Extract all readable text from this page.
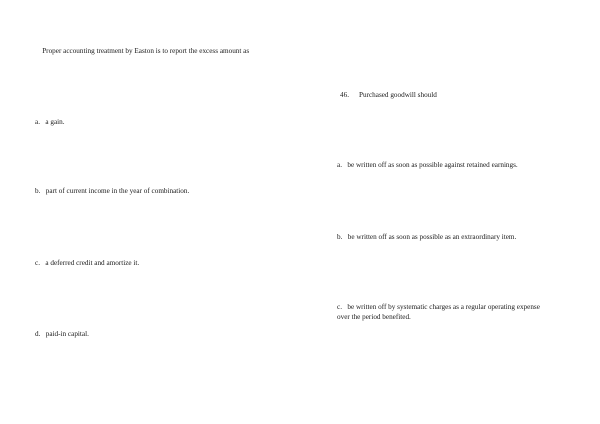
Proper accounting treatment by Easton is to report the excess amount as

a. a gain.
b. part of current income in the year of combination.
c. a deferred credit and amortize it.
d. paid-in capital.
46. Purchased goodwill should
a. be written off as soon as possible against retained earnings.
b. be written off as soon as possible as an extraordinary item.
c. be written off by systematic charges as a regular operating expense over the period benefited.
